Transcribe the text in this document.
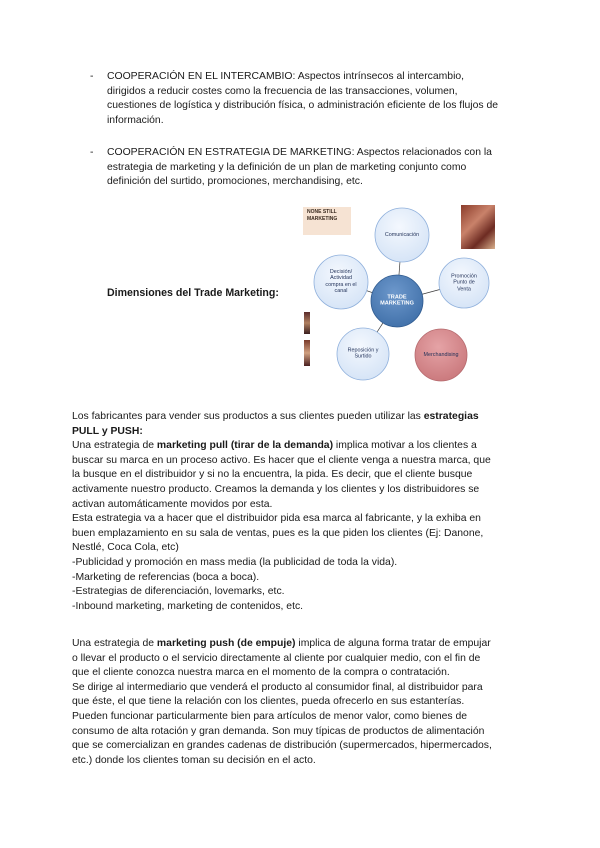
- COOPERACIÓN EN EL INTERCAMBIO: Aspectos intrínsecos al intercambio,
dirigidos a reducir costes como la frecuencia de las transacciones, volumen,
cuestiones de logística y distribución física, o administración eficiente de los flujos de
información.
- COOPERACIÓN EN ESTRATEGIA DE MARKETING: Aspectos relacionados con la
estrategia de marketing y la definición de un plan de marketing conjunto como
definición del surtido, promociones, merchandising, etc.
Dimensiones del Trade Marketing:
NONE STILL
MARKETING
Comunicación
Promoción
Punto de
Venta
Merchandising
Reposición y
Surtido
Decisión/
Actividad
compra en el
canal
TRADE
MARKETING

Los fabricantes para vender sus productos a sus clientes pueden utilizar las estrategias

PULL y PUSH:

Una estrategia de marketing pull (tirar de la demanda) implica motivar a los clientes a

buscar su marca en un proceso activo. Es hacer que el cliente venga a nuestra marca, que

la busque en el distribuidor y si no la encuentra, la pida. Es decir, que el cliente busque

activamente nuestro producto. Creamos la demanda y los clientes y los distribuidores se

activan automáticamente movidos por esta.

Esta estrategia va a hacer que el distribuidor pida esa marca al fabricante, y la exhiba en

buen emplazamiento en su sala de ventas, pues es la que piden los clientes (Ej: Danone,

Nestlé, Coca Cola, etc)

-Publicidad y promoción en mass media (la publicidad de toda la vida).

-Marketing de referencias (boca a boca).

-Estrategias de diferenciación, lovemarks, etc.

-Inbound marketing, marketing de contenidos, etc.

Una estrategia de marketing push (de empuje) implica de alguna forma tratar de empujar

o llevar el producto o el servicio directamente al cliente por cualquier medio, con el fin de

que el cliente conozca nuestra marca en el momento de la compra o contratación.

Se dirige al intermediario que venderá el producto al consumidor final, al distribuidor para

que éste, el que tiene la relación con los clientes, pueda ofrecerlo en sus estanterías.

Pueden funcionar particularmente bien para artículos de menor valor, como bienes de

consumo de alta rotación y gran demanda. Son muy típicas de productos de alimentación

que se comercializan en grandes cadenas de distribución (supermercados, hipermercados,

etc.) donde los clientes toman su decisión en el acto.
